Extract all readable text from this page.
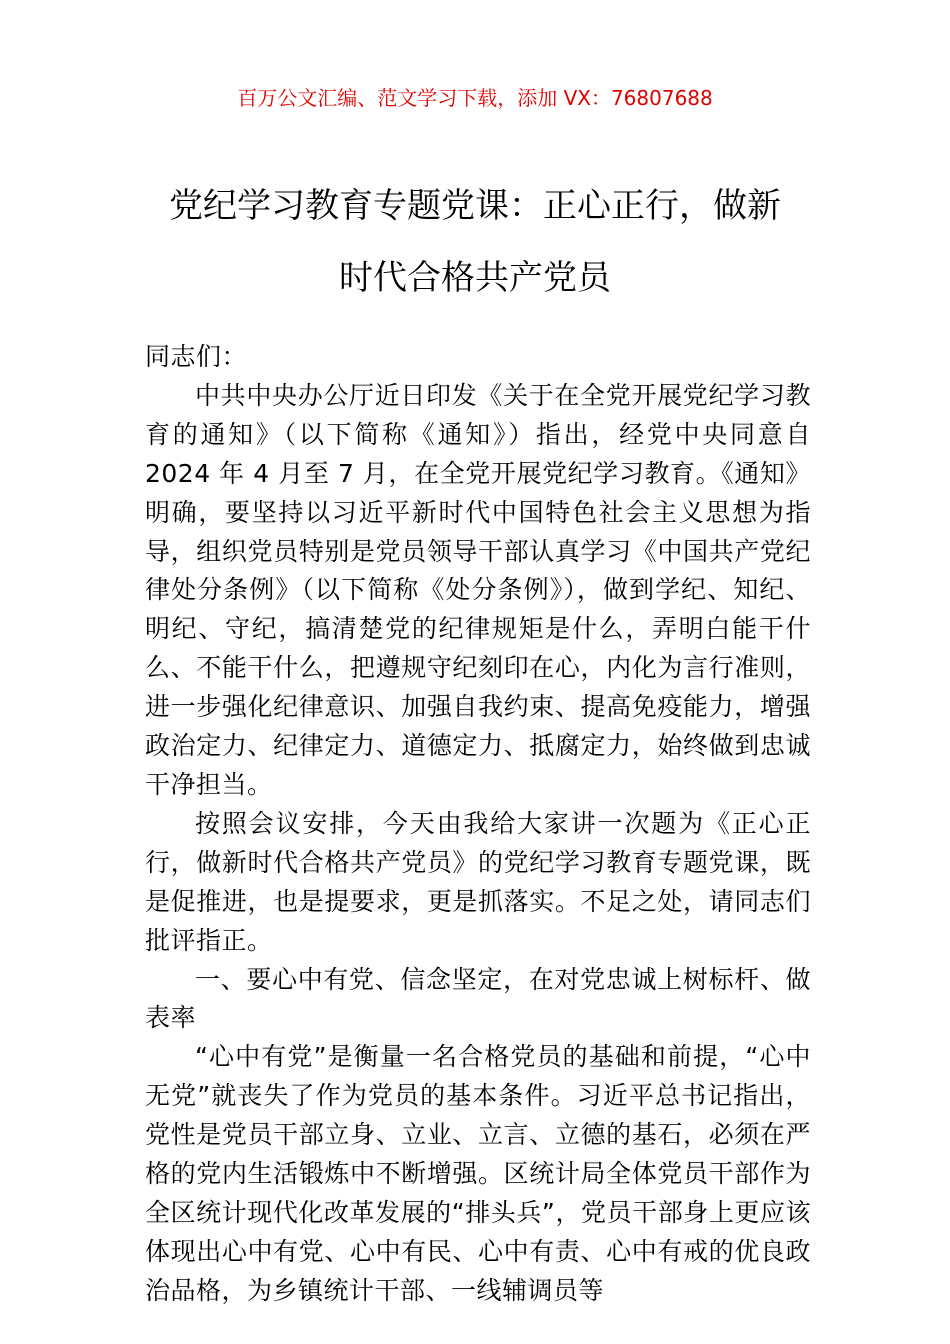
百万公文汇编、范文学习下载，添加 VX：76807688
党纪学习教育专题党课：正心正行，做新
时代合格共产党员

同志们：

中共中央办公厅近日印发《关于在全党开展党纪学习教育的通知》（以下简称《通知》）指出，经党中央同意自 2024 年 4 月至 7 月，在全党开展党纪学习教育。《通知》明确，要坚持以习近平新时代中国特色社会主义思想为指导，组织党员特别是党员领导干部认真学习《中国共产党纪律处分条例》（以下简称《处分条例》），做到学纪、知纪、明纪、守纪，搞清楚党的纪律规矩是什么，弄明白能干什么、不能干什么，把遵规守纪刻印在心，内化为言行准则，进一步强化纪律意识、加强自我约束、提高免疫能力，增强政治定力、纪律定力、道德定力、抵腐定力，始终做到忠诚干净担当。

按照会议安排，今天由我给大家讲一次题为《正心正行，做新时代合格共产党员》的党纪学习教育专题党课，既是促推进，也是提要求，更是抓落实。不足之处，请同志们批评指正。

一、要心中有党、信念坚定，在对党忠诚上树标杆、做表率

“心中有党”是衡量一名合格党员的基础和前提，“心中无党”就丧失了作为党员的基本条件。习近平总书记指出，党性是党员干部立身、立业、立言、立德的基石，必须在严格的党内生活锻炼中不断增强。区统计局全体党员干部作为全区统计现代化改革发展的“排头兵”，党员干部身上更应该体现出心中有党、心中有民、心中有责、心中有戒的优良政治品格，为乡镇统计干部、一线辅调员等
